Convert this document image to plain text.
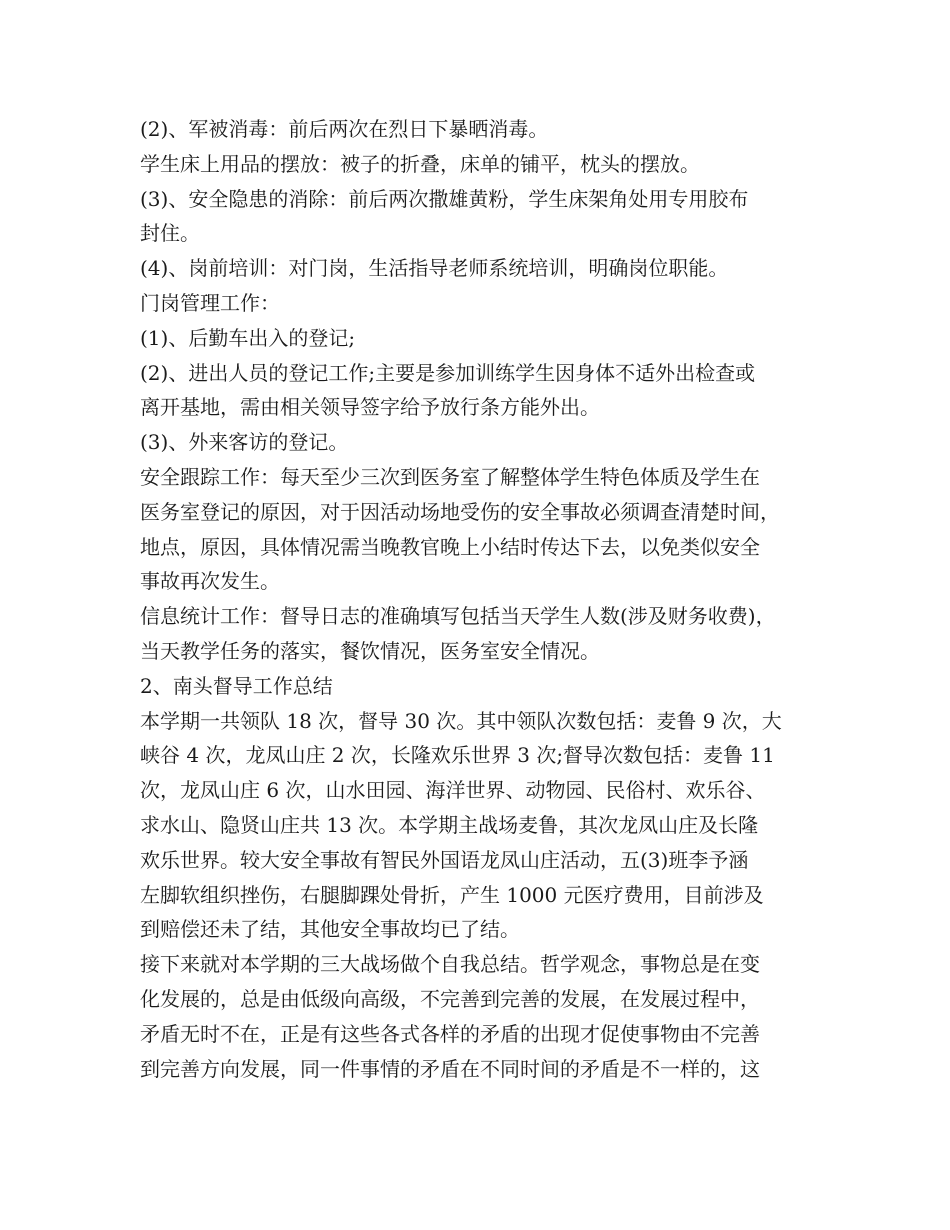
(2)、军被消毒：前后两次在烈日下暴晒消毒。
学生床上用品的摆放：被子的折叠，床单的铺平，枕头的摆放。
(3)、安全隐患的消除：前后两次撒雄黄粉，学生床架角处用专用胶布
封住。
(4)、岗前培训：对门岗，生活指导老师系统培训，明确岗位职能。
门岗管理工作：
(1)、后勤车出入的登记;
(2)、进出人员的登记工作;主要是参加训练学生因身体不适外出检查或
离开基地，需由相关领导签字给予放行条方能外出。
(3)、外来客访的登记。
安全跟踪工作：每天至少三次到医务室了解整体学生特色体质及学生在
医务室登记的原因，对于因活动场地受伤的安全事故必须调查清楚时间，
地点，原因，具体情况需当晚教官晚上小结时传达下去，以免类似安全
事故再次发生。
信息统计工作：督导日志的准确填写包括当天学生人数(涉及财务收费)，
当天教学任务的落实，餐饮情况，医务室安全情况。
2、南头督导工作总结
本学期一共领队 18 次，督导 30 次。其中领队次数包括：麦鲁 9 次，大
峡谷 4 次，龙凤山庄 2 次，长隆欢乐世界 3 次;督导次数包括：麦鲁 11
次，龙凤山庄 6 次，山水田园、海洋世界、动物园、民俗村、欢乐谷、
求水山、隐贤山庄共 13 次。本学期主战场麦鲁，其次龙凤山庄及长隆
欢乐世界。较大安全事故有智民外国语龙凤山庄活动，五(3)班李予涵
左脚软组织挫伤，右腿脚踝处骨折，产生 1000 元医疗费用，目前涉及
到赔偿还未了结，其他安全事故均已了结。
接下来就对本学期的三大战场做个自我总结。哲学观念，事物总是在变
化发展的，总是由低级向高级，不完善到完善的发展，在发展过程中，
矛盾无时不在，正是有这些各式各样的矛盾的出现才促使事物由不完善
到完善方向发展，同一件事情的矛盾在不同时间的矛盾是不一样的，这
